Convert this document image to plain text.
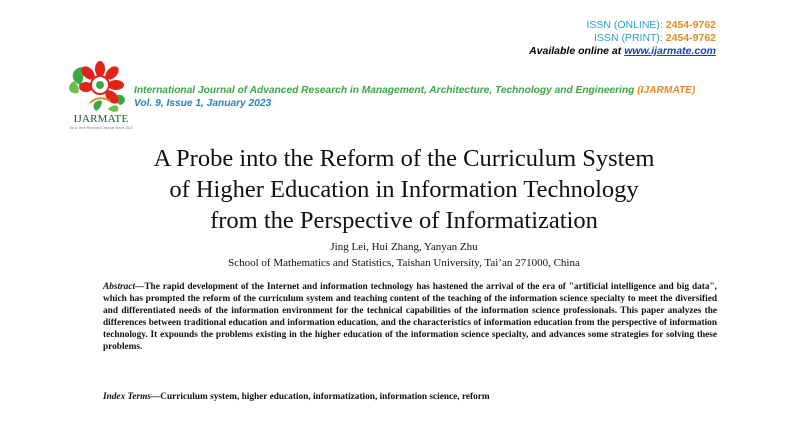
ISSN (ONLINE): 2454-9762
ISSN (PRINT): 2454-9762
Available online at www.ijarmate.com
IJARMATE
Sci & Tech Research Journal Since 2015
International Journal of Advanced Research in Management, Architecture, Technology and Engineering (IJARMATE)
Vol. 9, Issue 1, January 2023
A Probe into the Reform of the Curriculum System
of Higher Education in Information Technology
from the Perspective of Informatization
Jing Lei, Hui Zhang, Yanyan Zhu
School of Mathematics and Statistics, Taishan University, Tai’an 271000, China
Abstract—The rapid development of the Internet and information technology has hastened the arrival of the era of "artificial intelligence and big data", which has prompted the reform of the curriculum system and teaching content of the teaching of the information science specialty to meet the diversified and differentiated needs of the information environment for the technical capabilities of the information science professionals. This paper analyzes the differences between traditional education and information education, and the characteristics of information education from the perspective of information technology. It expounds the problems existing in the higher education of the information science specialty, and advances some strategies for solving these problems.
Index Terms—Curriculum system, higher education, informatization, information science, reform
